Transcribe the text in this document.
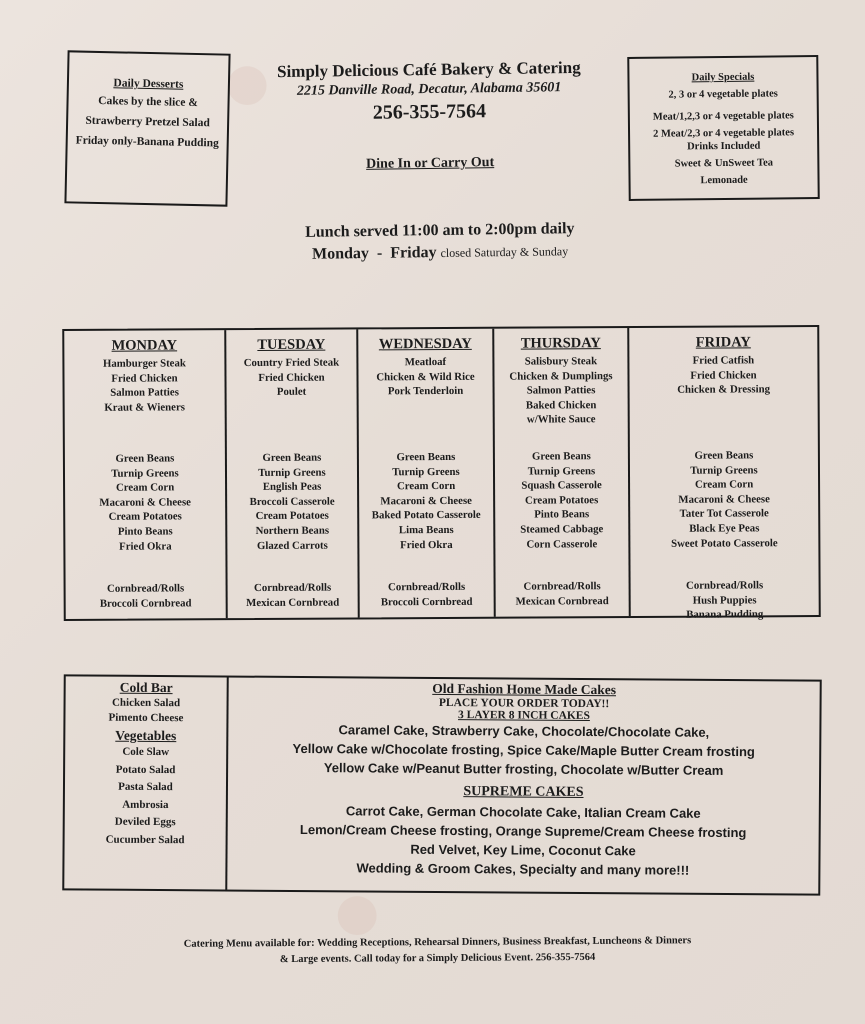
●
●
Daily Desserts
Cakes by the slice &
Strawberry Pretzel Salad
Friday only-Banana Pudding
Simply Delicious Café Bakery & Catering
2215 Danville Road, Decatur, Alabama 35601
256-355-7564
Dine In or Carry Out
Daily Specials
2, 3 or 4 vegetable plates
Meat/1,2,3 or 4 vegetable plates
2 Meat/2,3 or 4 vegetable plates
Drinks Included
Sweet & UnSweet Tea
Lemonade
Lunch served 11:00 am to 2:00pm daily
Monday  -  Friday closed Saturday & Sunday
MONDAY
Hamburger Steak
Fried Chicken
Salmon Patties
Kraut & Wieners
Green Beans
Turnip Greens
Cream Corn
Macaroni & Cheese
Cream Potatoes
Pinto Beans
Fried Okra
Cornbread/Rolls
Broccoli Cornbread
TUESDAY
Country Fried Steak
Fried Chicken
Poulet
Green Beans
Turnip Greens
English Peas
Broccoli Casserole
Cream Potatoes
Northern Beans
Glazed Carrots
Cornbread/Rolls
Mexican Cornbread
WEDNESDAY
Meatloaf
Chicken & Wild Rice
Pork Tenderloin
Green Beans
Turnip Greens
Cream Corn
Macaroni & Cheese
Baked Potato Casserole
Lima Beans
Fried Okra
Cornbread/Rolls
Broccoli Cornbread
THURSDAY
Salisbury Steak
Chicken & Dumplings
Salmon Patties
Baked Chicken
w/White Sauce
Green Beans
Turnip Greens
Squash Casserole
Cream Potatoes
Pinto Beans
Steamed Cabbage
Corn Casserole
Cornbread/Rolls
Mexican Cornbread
FRIDAY
Fried Catfish
Fried Chicken
Chicken & Dressing
Green Beans
Turnip Greens
Cream Corn
Macaroni & Cheese
Tater Tot Casserole
Black Eye Peas
Sweet Potato Casserole
Cornbread/Rolls
Hush Puppies
Banana Pudding
Cold Bar
Chicken Salad
Pimento Cheese
Vegetables
Cole Slaw
Potato Salad
Pasta Salad
Ambrosia
Deviled Eggs
Cucumber Salad
Old Fashion Home Made Cakes
PLACE YOUR ORDER TODAY!!
3 LAYER 8 INCH CAKES
Caramel Cake, Strawberry Cake, Chocolate/Chocolate Cake,
Yellow Cake w/Chocolate frosting, Spice Cake/Maple Butter Cream frosting
Yellow Cake w/Peanut Butter frosting, Chocolate w/Butter Cream
SUPREME CAKES
Carrot Cake, German Chocolate Cake, Italian Cream Cake
Lemon/Cream Cheese frosting, Orange Supreme/Cream Cheese frosting
Red Velvet, Key Lime, Coconut Cake
Wedding & Groom Cakes, Specialty and many more!!!
Catering Menu available for: Wedding Receptions, Rehearsal Dinners, Business Breakfast, Luncheons & Dinners
& Large events. Call today for a Simply Delicious Event. 256-355-7564
